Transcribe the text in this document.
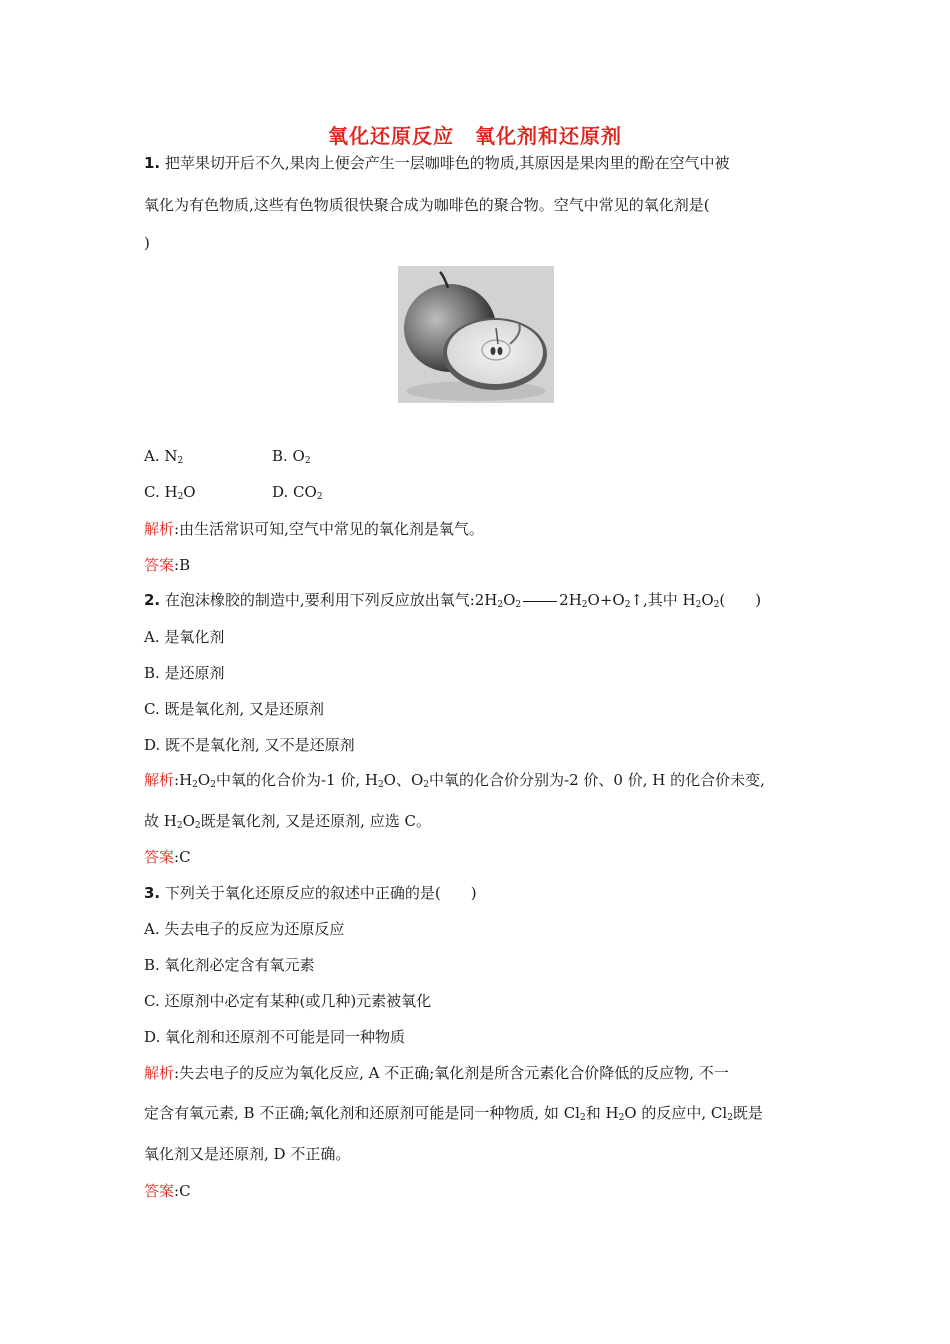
氧化还原反应　氧化剂和还原剂
1. 把苹果切开后不久,果肉上便会产生一层咖啡色的物质,其原因是果肉里的酚在空气中被
氧化为有色物质,这些有色物质很快聚合成为咖啡色的聚合物。空气中常见的氧化剂是(
)
A. $N_2$	B. $O_2$
C. $H_2O$	D. $CO_2$
解析:由生活常识可知,空气中常见的氧化剂是氧气。
答案:B
2. 在泡沫橡胶的制造中,要利用下列反应放出氧气$:2H_2O_2$	$2H_2O+O_2↑$,其中 $H_2O_2$(　　)
A. 是氧化剂
B. 是还原剂
C. 既是氧化剂, 又是还原剂
D. 既不是氧化剂, 又不是还原剂
解析$:H_2O_2$中氧的化合价为-1 价, $H_2O$、$O_2$中氧的化合价分别为-2 价、0 价, H 的化合价未变,
故 $H_2O_2$既是氧化剂, 又是还原剂, 应选 C。
答案:C
3. 下列关于氧化还原反应的叙述中正确的是(　　)
A. 失去电子的反应为还原反应
B. 氧化剂必定含有氧元素
C. 还原剂中必定有某种(或几种)元素被氧化
D. 氧化剂和还原剂不可能是同一种物质
解析:失去电子的反应为氧化反应, A 不正确;氧化剂是所含元素化合价降低的反应物, 不一
定含有氧元素, B 不正确;氧化剂和还原剂可能是同一种物质, 如 $Cl_2$和 $H_2O$ 的反应中, $Cl_2$既是
氧化剂又是还原剂, D 不正确。
答案:C
